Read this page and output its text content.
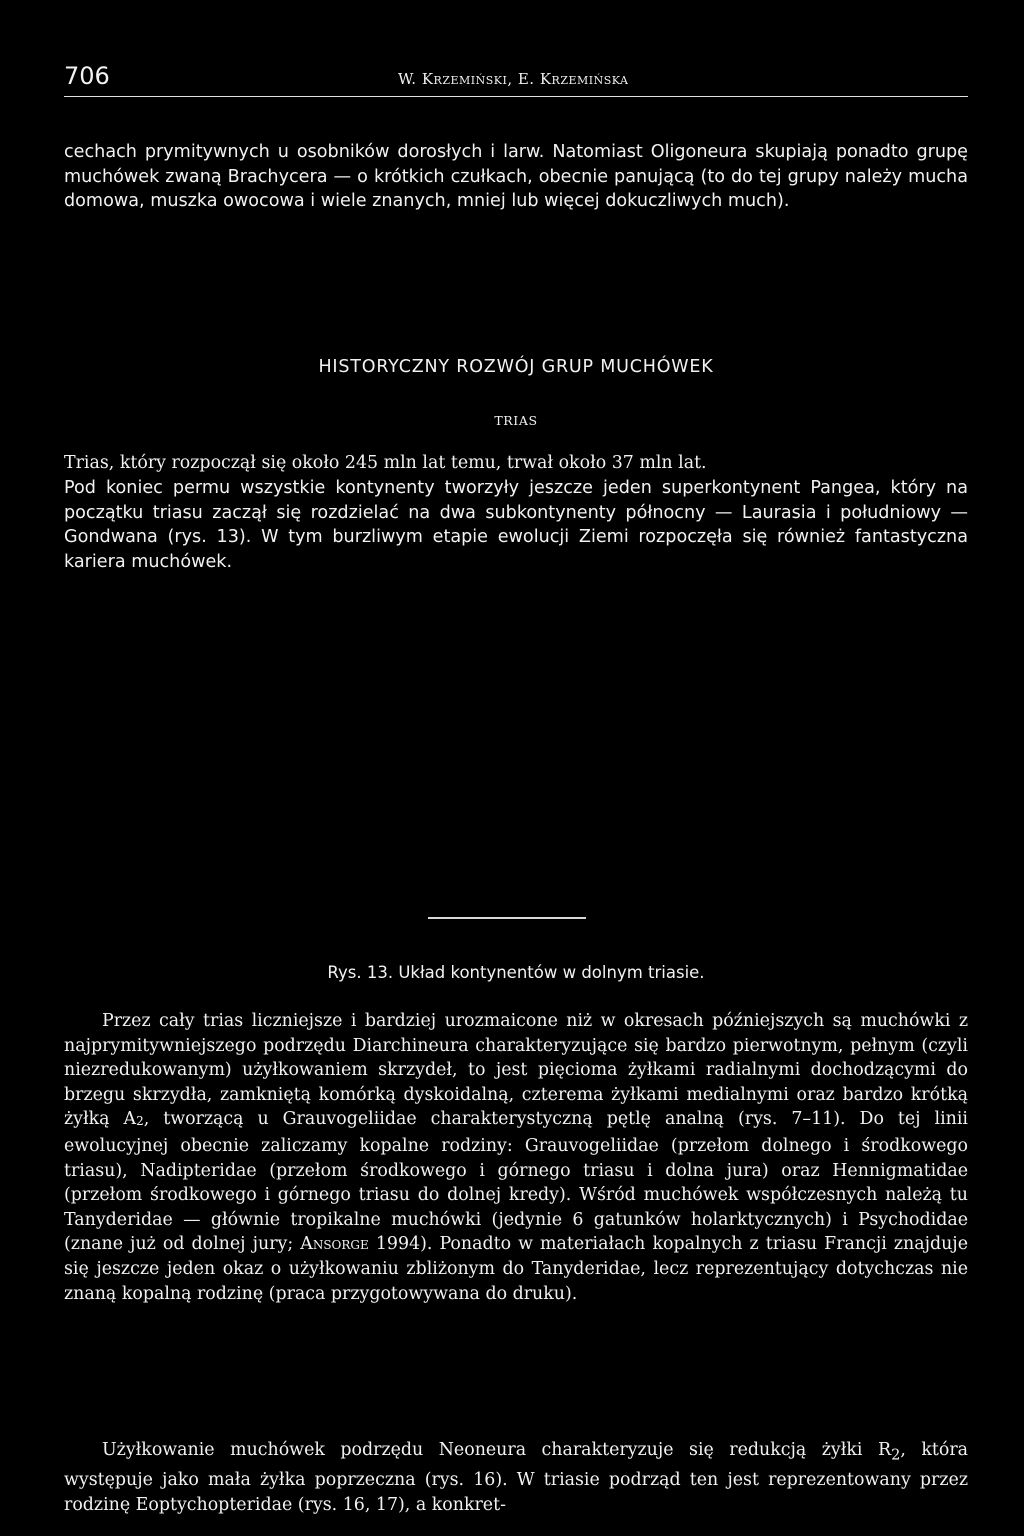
706	W. Krzemiński, E. Krzemińska

cechach prymitywnych u osobników dorosłych i larw. Natomiast Oligoneura skupiają ponadto grupę muchówek zwaną Brachycera — o krótkich czułkach, obecnie panującą (to do tej grupy należy mucha domowa, muszka owocowa i wiele znanych, mniej lub więcej dokuczliwych much).

HISTORYCZNY ROZWÓJ GRUP MUCHÓWEK
TRIAS
Trias, który rozpoczął się około 245 mln lat temu, trwał około 37 mln lat.

Pod koniec permu wszystkie kontynenty tworzyły jeszcze jeden superkontynent Pangea, który na początku triasu zaczął się rozdzielać na dwa subkontynenty północny — Laurasia i południowy — Gondwana (rys. 13). W tym burzliwym etapie ewolucji Ziemi rozpoczęła się również fantastyczna kariera muchówek.

Rys. 13. Układ kontynentów w dolnym triasie.

Przez cały trias liczniejsze i bardziej urozmaicone niż w okresach późniejszych są muchówki z najprymitywniejszego podrzędu Diarchineura charakteryzujące się bardzo pierwotnym, pełnym (czyli niezredukowanym) użyłkowaniem skrzydeł, to jest pięcioma żyłkami radialnymi dochodzącymi do brzegu skrzydła, zamkniętą komórką dyskoidalną, czterema żyłkami medialnymi oraz bardzo krótką żyłką $A_2$, tworzącą u Grauvogeliidae charakterystyczną pętlę analną (rys. 7–11). Do tej linii ewolucyjnej obecnie zaliczamy kopalne rodziny: Grauvogeliidae (przełom dolnego i środkowego triasu), Nadipteridae (przełom środkowego i górnego triasu i dolna jura) oraz Hennigmatidae (przełom środkowego i górnego triasu do dolnej kredy). Wśród muchówek współczesnych należą tu Tanyderidae — głównie tropikalne muchówki (jedynie 6 gatunków holarktycznych) i Psychodidae (znane już od dolnej jury; Ansorge 1994). Ponadto w materiałach kopalnych z triasu Francji znajduje się jeszcze jeden okaz o użyłkowaniu zbliżonym do Tanyderidae, lecz reprezentujący dotychczas nie znaną kopalną rodzinę (praca przygotowywana do druku).

Użyłkowanie muchówek podrzędu Neoneura charakteryzuje się redukcją żyłki $R_2$, która występuje jako mała żyłka poprzeczna (rys. 16). W triasie podrząd ten jest reprezentowany przez rodzinę Eoptychopteridae (rys. 16, 17), a konkret-
